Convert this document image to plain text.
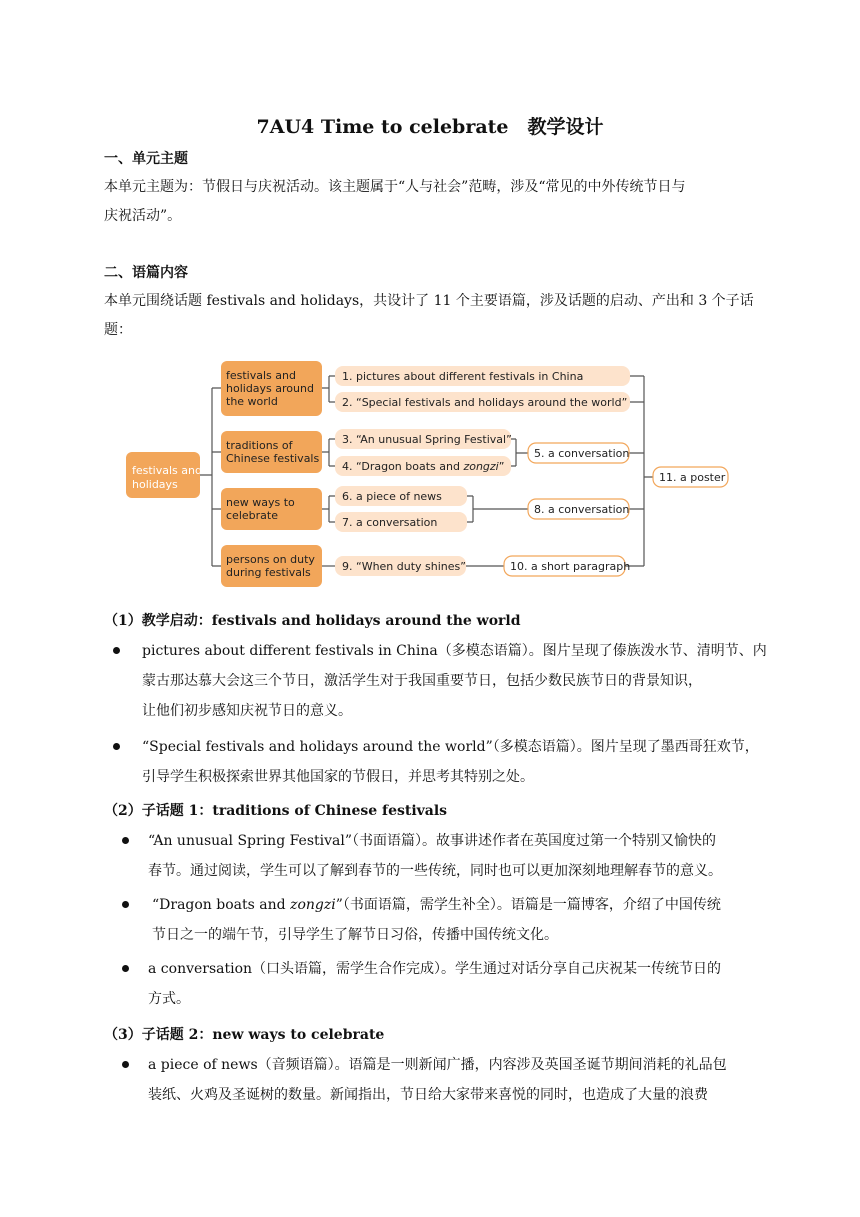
7AU4 Time to celebrate　教学设计
一、单元主题
本单元主题为：节假日与庆祝活动。该主题属于“人与社会”范畴，涉及“常见的中外传统节日与
庆祝活动”。
二、语篇内容
本单元围绕话题 festivals and holidays，共设计了 11 个主要语篇，涉及话题的启动、产出和 3 个子话
题：
festivals and
holidays
festivals and
holidays around
the world
traditions of
Chinese festivals
new ways to
celebrate
persons on duty
during festivals
1. pictures about different festivals in China
2. “Special festivals and holidays around the world”
3. “An unusual Spring Festival”
4. “Dragon boats and zongzi”
6. a piece of news
7. a conversation
9. “When duty shines”
5. a conversation
8. a conversation
10. a short paragraph
11. a poster
（1）教学启动：festivals and holidays around the world
pictures about different festivals in China（多模态语篇）。图片呈现了傣族泼水节、清明节、内
蒙古那达慕大会这三个节日，激活学生对于我国重要节日，包括少数民族节日的背景知识，
让他们初步感知庆祝节日的意义。
“Special festivals and holidays around the world”（多模态语篇）。图片呈现了墨西哥狂欢节，
引导学生积极探索世界其他国家的节假日，并思考其特别之处。
（2）子话题 1：traditions of Chinese festivals
“An unusual Spring Festival”（书面语篇）。故事讲述作者在英国度过第一个特别又愉快的
春节。通过阅读，学生可以了解到春节的一些传统，同时也可以更加深刻地理解春节的意义。
“Dragon boats and zongzi”（书面语篇，需学生补全）。语篇是一篇博客，介绍了中国传统
节日之一的端午节，引导学生了解节日习俗，传播中国传统文化。
a conversation（口头语篇，需学生合作完成）。学生通过对话分享自己庆祝某一传统节日的
方式。
（3）子话题 2：new ways to celebrate
a piece of news（音频语篇）。语篇是一则新闻广播，内容涉及英国圣诞节期间消耗的礼品包
装纸、火鸡及圣诞树的数量。新闻指出，节日给大家带来喜悦的同时，也造成了大量的浪费
